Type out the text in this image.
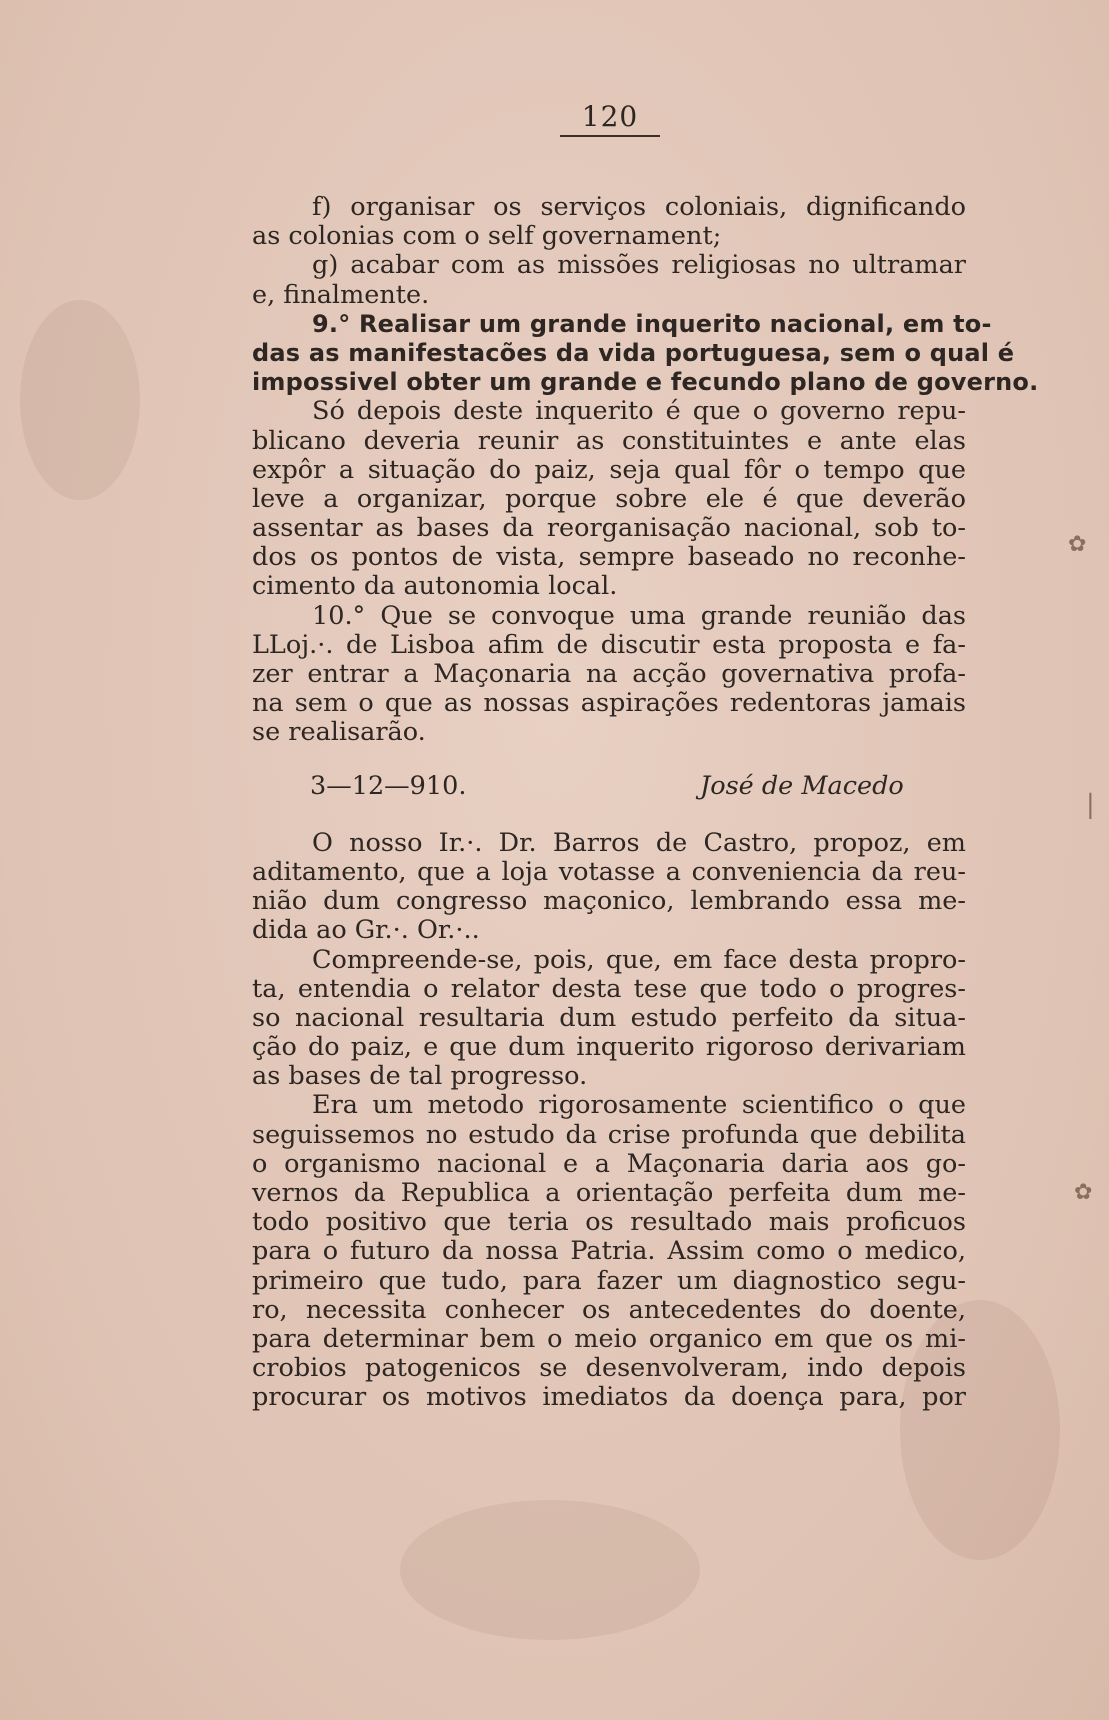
✿
✿
|
120
f) organisar os serviços coloniais, dignificando
as colonias com o self governament;
g) acabar com as missões religiosas no ultramar
e, finalmente.
9.° Realisar um grande inquerito nacional, em to-
das as manifestacões da vida portuguesa, sem o qual é
impossivel obter um grande e fecundo plano de governo.
Só depois deste inquerito é que o governo repu-
blicano deveria reunir as constituintes e ante elas
expôr a situação do paiz, seja qual fôr o tempo que
leve a organizar, porque sobre ele é que deverão
assentar as bases da reorganisação nacional, sob to-
dos os pontos de vista, sempre baseado no reconhe-
cimento da autonomia local.
10.° Que se convoque uma grande reunião das
LLoj.·. de Lisboa afim de discutir esta proposta e fa-
zer entrar a Maçonaria na acção governativa profa-
na sem o que as nossas aspirações redentoras jamais
se realisarão.
3—12—910.	José de Macedo
O nosso Ir.·. Dr. Barros de Castro, propoz, em
aditamento, que a loja votasse a conveniencia da reu-
nião dum congresso maçonico, lembrando essa me-
dida ao Gr.·. Or.·..
Compreende-se, pois, que, em face desta propro-
ta, entendia o relator desta tese que todo o progres-
so nacional resultaria dum estudo perfeito da situa-
ção do paiz, e que dum inquerito rigoroso derivariam
as bases de tal progresso.
Era um metodo rigorosamente scientifico o que
seguissemos no estudo da crise profunda que debilita
o organismo nacional e a Maçonaria daria aos go-
vernos da Republica a orientação perfeita dum me-
todo positivo que teria os resultado mais proficuos
para o futuro da nossa Patria. Assim como o medico,
primeiro que tudo, para fazer um diagnostico segu-
ro, necessita conhecer os antecedentes do doente,
para determinar bem o meio organico em que os mi-
crobios patogenicos se desenvolveram, indo depois
procurar os motivos imediatos da doença para, por
